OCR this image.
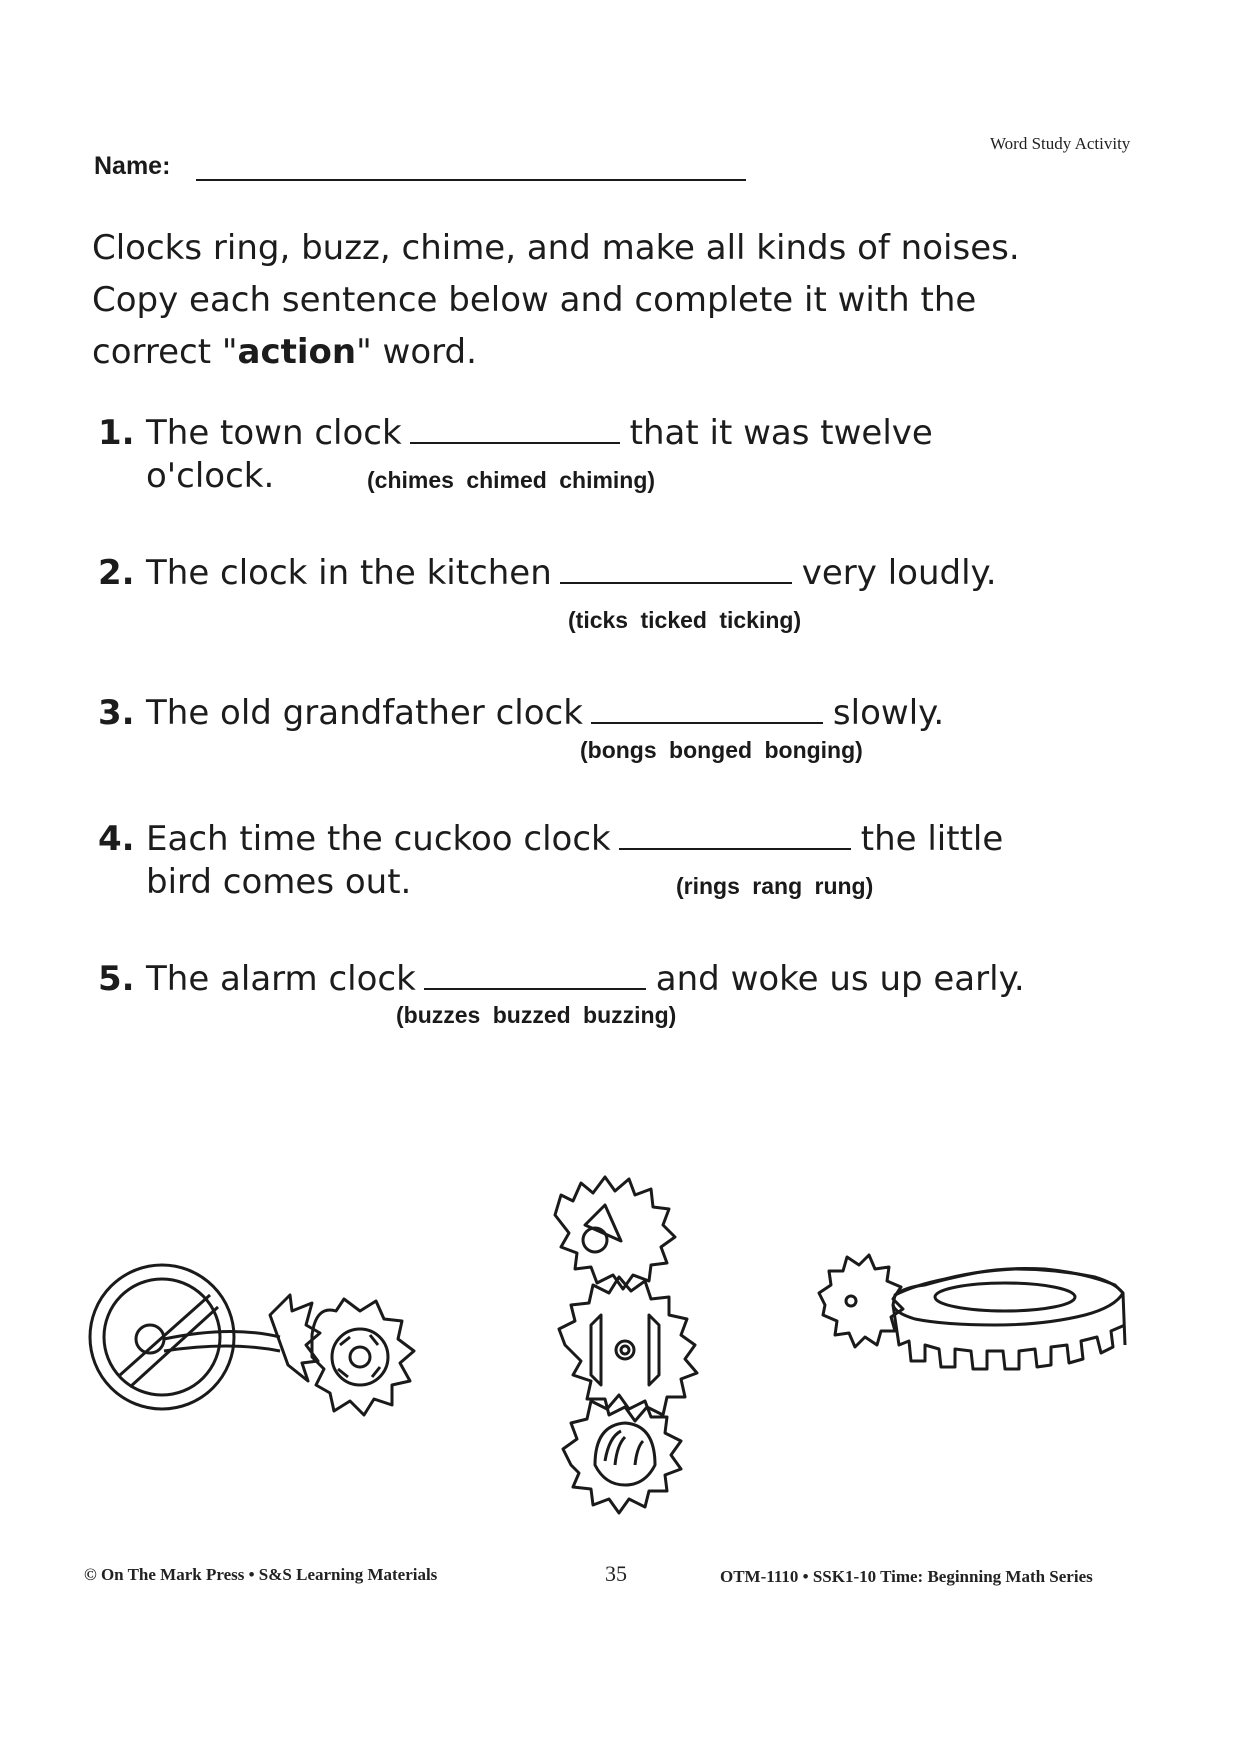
Word Study Activity
Name:
Clocks ring, buzz, chime, and make all kinds of noises.
Copy each sentence below and complete it with the
correct "action" word.
1. The town clock	that it was twelve
o'clock.	(chimes chimed chiming)
2. The clock in the kitchen	very loudly.
(ticks ticked ticking)
3. The old grandfather clock	slowly.
(bongs bonged bonging)
4. Each time the cuckoo clock	the little
bird comes out.	(rings rang rung)
5. The alarm clock	and woke us up early.
(buzzes buzzed buzzing)
© On The Mark Press • S&S Learning Materials	35	OTM-1110 • SSK1-10 Time: Beginning Math Series
